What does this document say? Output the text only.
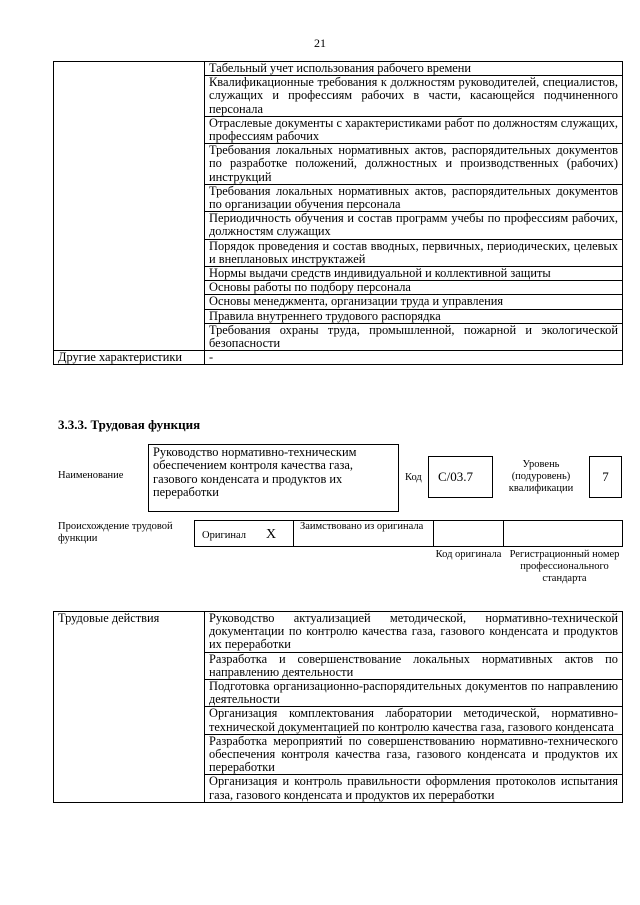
21
	Табельный учет использования рабочего времени
	Квалификационные требования к должностям руководителей, специалистов, служащих и профессиям рабочих в части, касающейся подчиненного персонала
	Отраслевые документы с характеристиками работ по должностям служащих, профессиям рабочих
	Требования локальных нормативных актов, распорядительных документов по разработке положений, должностных и производственных (рабочих) инструкций
	Требования локальных нормативных актов, распорядительных документов по организации обучения персонала
	Периодичность обучения и состав программ учебы по профессиям рабочих, должностям служащих
	Порядок проведения и состав вводных, первичных, периодических, целевых и внеплановых инструктажей
	Нормы выдачи средств индивидуальной и коллективной защиты
	Основы работы по подбору персонала
	Основы менеджмента, организации труда и управления
	Правила внутреннего трудового распорядка
	Требования охраны труда, промышленной, пожарной и экологической безопасности
Другие характеристики	-
3.3.3. Трудовая функция
Наименование
Руководство нормативно-техническим обеспечением контроля качества газа, газового конденсата и продуктов их переработки
Код	С/03.7
Уровень (подуровень) квалификации
7
Происхождение трудовой функции	Оригинал X
Заимствовано из оригинала
Код оригинала Регистрационный номер профессионального стандарта
Трудовые действия	Руководство актуализацией методической, нормативно-технической документации по контролю качества газа, газового конденсата и продуктов их переработки
Разработка и совершенствование локальных нормативных актов по направлению деятельности
Подготовка организационно-распорядительных документов по направлению деятельности
Организация комплектования лаборатории методической, нормативно-технической документацией по контролю качества газа, газового конденсата
Разработка мероприятий по совершенствованию нормативно-технического обеспечения контроля качества газа, газового конденсата и продуктов их переработки
Организация и контроль правильности оформления протоколов испытания газа, газового конденсата и продуктов их переработки
